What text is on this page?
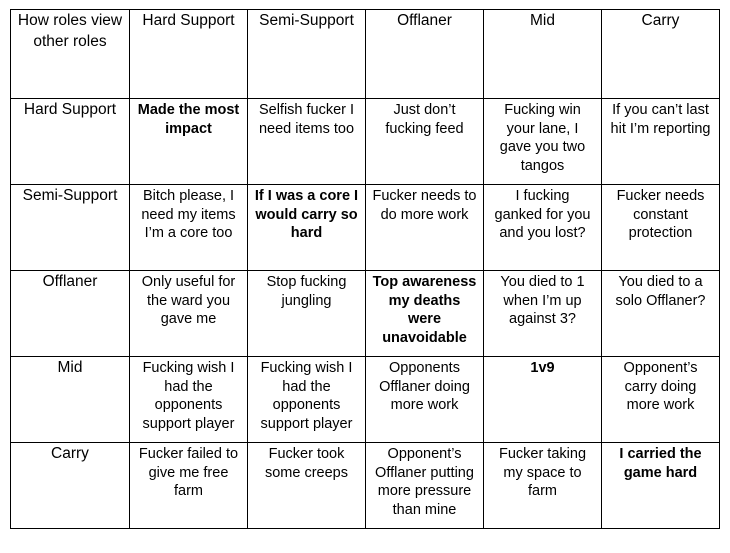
How roles view other roles	Hard Support	Semi-Support	Offlaner	Mid	Carry
Hard Support	Made the most impact	Selfish fucker I need items too	Just don’t fucking feed	Fucking win your lane, I gave you two tangos	If you can’t last hit I’m reporting
Semi-Support	Bitch please, I need my items I’m a core too	If I was a core I would carry so hard	Fucker needs to do more work	I fucking ganked for you and you lost?	Fucker needs constant protection
Offlaner	Only useful for the ward you gave me	Stop fucking jungling	Top awareness my deaths were unavoidable	You died to 1 when I’m up against 3?	You died to a solo Offlaner?
Mid	Fucking wish I had the opponents support player	Fucking wish I had the opponents support player	Opponents Offlaner doing more work	1v9	Opponent’s carry doing more work
Carry	Fucker failed to give me free farm	Fucker took some creeps	Opponent’s Offlaner putting more pressure than mine	Fucker taking my space to farm	I carried the game hard
